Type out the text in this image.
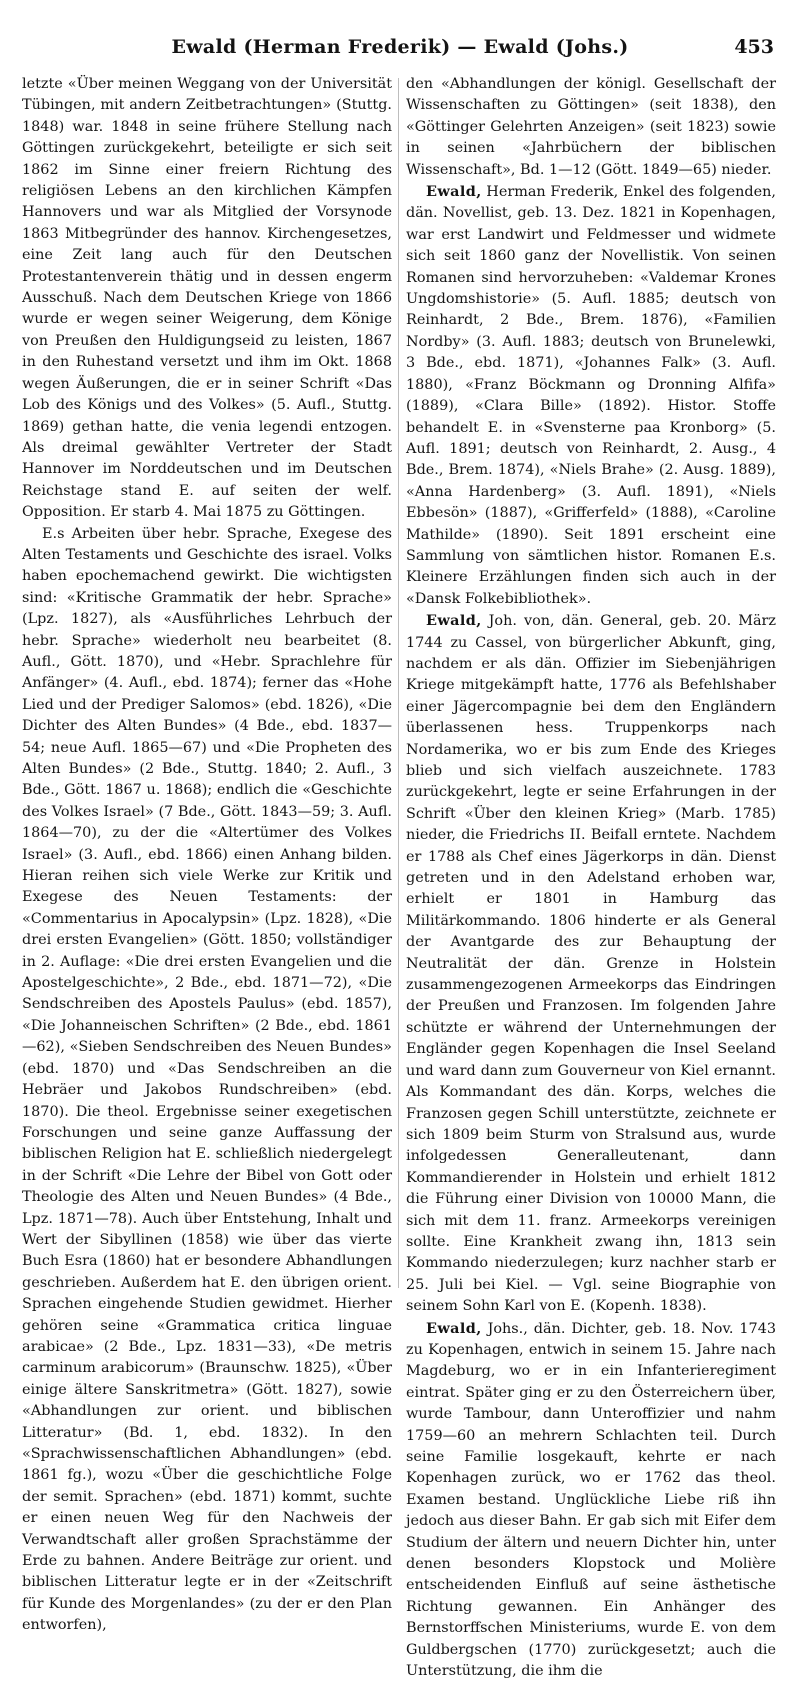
Ewald (Herman Frederik) — Ewald (Johs.)	453

letzte «Über meinen Weggang von der Universität Tübingen, mit andern Zeitbetrachtungen» (Stuttg. 1848) war. 1848 in seine frühere Stellung nach Göttingen zurückgekehrt, beteiligte er sich seit 1862 im Sinne einer freiern Richtung des religiösen Lebens an den kirchlichen Kämpfen Hannovers und war als Mitglied der Vorsynode 1863 Mitbegründer des hannov. Kirchengesetzes, eine Zeit lang auch für den Deutschen Protestantenverein thätig und in dessen engerm Ausschuß. Nach dem Deutschen Kriege von 1866 wurde er wegen seiner Weigerung, dem Könige von Preußen den Huldigungseid zu leisten, 1867 in den Ruhestand versetzt und ihm im Okt. 1868 wegen Äußerungen, die er in seiner Schrift «Das Lob des Königs und des Volkes» (5. Aufl., Stuttg. 1869) gethan hatte, die venia legendi entzogen. Als dreimal gewählter Vertreter der Stadt Hannover im Norddeutschen und im Deutschen Reichstage stand E. auf seiten der welf. Opposition. Er starb 4. Mai 1875 zu Göttingen.

E.s Arbeiten über hebr. Sprache, Exegese des Alten Testaments und Geschichte des israel. Volks haben epochemachend gewirkt. Die wichtigsten sind: «Kritische Grammatik der hebr. Sprache» (Lpz. 1827), als «Ausführliches Lehrbuch der hebr. Sprache» wiederholt neu bearbeitet (8. Aufl., Gött. 1870), und «Hebr. Sprachlehre für Anfänger» (4. Aufl., ebd. 1874); ferner das «Hohe Lied und der Prediger Salomos» (ebd. 1826), «Die Dichter des Alten Bundes» (4 Bde., ebd. 1837—54; neue Aufl. 1865—67) und «Die Propheten des Alten Bundes» (2 Bde., Stuttg. 1840; 2. Aufl., 3 Bde., Gött. 1867 u. 1868); endlich die «Geschichte des Volkes Israel» (7 Bde., Gött. 1843—59; 3. Aufl. 1864—70), zu der die «Altertümer des Volkes Israel» (3. Aufl., ebd. 1866) einen Anhang bilden. Hieran reihen sich viele Werke zur Kritik und Exegese des Neuen Testaments: der «Commentarius in Apocalypsin» (Lpz. 1828), «Die drei ersten Evangelien» (Gött. 1850; vollständiger in 2. Auflage: «Die drei ersten Evangelien und die Apostelgeschichte», 2 Bde., ebd. 1871—72), «Die Sendschreiben des Apostels Paulus» (ebd. 1857), «Die Johanneischen Schriften» (2 Bde., ebd. 1861—62), «Sieben Sendschreiben des Neuen Bundes» (ebd. 1870) und «Das Sendschreiben an die Hebräer und Jakobos Rundschreiben» (ebd. 1870). Die theol. Ergebnisse seiner exegetischen Forschungen und seine ganze Auffassung der biblischen Religion hat E. schließlich niedergelegt in der Schrift «Die Lehre der Bibel von Gott oder Theologie des Alten und Neuen Bundes» (4 Bde., Lpz. 1871—78). Auch über Entstehung, Inhalt und Wert der Sibyllinen (1858) wie über das vierte Buch Esra (1860) hat er besondere Abhandlungen geschrieben. Außerdem hat E. den übrigen orient. Sprachen eingehende Studien gewidmet. Hierher gehören seine «Grammatica critica linguae arabicae» (2 Bde., Lpz. 1831—33), «De metris carminum arabicorum» (Braunschw. 1825), «Über einige ältere Sanskritmetra» (Gött. 1827), sowie «Abhandlungen zur orient. und biblischen Litteratur» (Bd. 1, ebd. 1832). In den «Sprachwissenschaftlichen Abhandlungen» (ebd. 1861 fg.), wozu «Über die geschichtliche Folge der semit. Sprachen» (ebd. 1871) kommt, suchte er einen neuen Weg für den Nachweis der Verwandtschaft aller großen Sprachstämme der Erde zu bahnen. Andere Beiträge zur orient. und biblischen Litteratur legte er in der «Zeitschrift für Kunde des Morgenlandes» (zu der er den Plan entworfen),

den «Abhandlungen der königl. Gesellschaft der Wissenschaften zu Göttingen» (seit 1838), den «Göttinger Gelehrten Anzeigen» (seit 1823) sowie in seinen «Jahrbüchern der biblischen Wissenschaft», Bd. 1—12 (Gött. 1849—65) nieder.

Ewald, Herman Frederik, Enkel des folgenden, dän. Novellist, geb. 13. Dez. 1821 in Kopenhagen, war erst Landwirt und Feldmesser und widmete sich seit 1860 ganz der Novellistik. Von seinen Romanen sind hervorzuheben: «Valdemar Krones Ungdomshistorie» (5. Aufl. 1885; deutsch von Reinhardt, 2 Bde., Brem. 1876), «Familien Nordby» (3. Aufl. 1883; deutsch von Brunelewki, 3 Bde., ebd. 1871), «Johannes Falk» (3. Aufl. 1880), «Franz Böckmann og Dronning Alfifa» (1889), «Clara Bille» (1892). Histor. Stoffe behandelt E. in «Svensterne paa Kronborg» (5. Aufl. 1891; deutsch von Reinhardt, 2. Ausg., 4 Bde., Brem. 1874), «Niels Brahe» (2. Ausg. 1889), «Anna Hardenberg» (3. Aufl. 1891), «Niels Ebbesön» (1887), «Grifferfeld» (1888), «Caroline Mathilde» (1890). Seit 1891 erscheint eine Sammlung von sämtlichen histor. Romanen E.s. Kleinere Erzählungen finden sich auch in der «Dansk Folkebibliothek».

Ewald, Joh. von, dän. General, geb. 20. März 1744 zu Cassel, von bürgerlicher Abkunft, ging, nachdem er als dän. Offizier im Siebenjährigen Kriege mitgekämpft hatte, 1776 als Befehlshaber einer Jägercompagnie bei dem den Engländern überlassenen hess. Truppenkorps nach Nordamerika, wo er bis zum Ende des Krieges blieb und sich vielfach auszeichnete. 1783 zurückgekehrt, legte er seine Erfahrungen in der Schrift «Über den kleinen Krieg» (Marb. 1785) nieder, die Friedrichs II. Beifall erntete. Nachdem er 1788 als Chef eines Jägerkorps in dän. Dienst getreten und in den Adelstand erhoben war, erhielt er 1801 in Hamburg das Militärkommando. 1806 hinderte er als General der Avantgarde des zur Behauptung der Neutralität der dän. Grenze in Holstein zusammengezogenen Armeekorps das Eindringen der Preußen und Franzosen. Im folgenden Jahre schützte er während der Unternehmungen der Engländer gegen Kopenhagen die Insel Seeland und ward dann zum Gouverneur von Kiel ernannt. Als Kommandant des dän. Korps, welches die Franzosen gegen Schill unterstützte, zeichnete er sich 1809 beim Sturm von Stralsund aus, wurde infolgedessen Generalleutenant, dann Kommandierender in Holstein und erhielt 1812 die Führung einer Division von 10000 Mann, die sich mit dem 11. franz. Armeekorps vereinigen sollte. Eine Krankheit zwang ihn, 1813 sein Kommando niederzulegen; kurz nachher starb er 25. Juli bei Kiel. — Vgl. seine Biographie von seinem Sohn Karl von E. (Kopenh. 1838).

Ewald, Johs., dän. Dichter, geb. 18. Nov. 1743 zu Kopenhagen, entwich in seinem 15. Jahre nach Magdeburg, wo er in ein Infanterieregiment eintrat. Später ging er zu den Österreichern über, wurde Tambour, dann Unteroffizier und nahm 1759—60 an mehrern Schlachten teil. Durch seine Familie losgekauft, kehrte er nach Kopenhagen zurück, wo er 1762 das theol. Examen bestand. Unglückliche Liebe riß ihn jedoch aus dieser Bahn. Er gab sich mit Eifer dem Studium der ältern und neuern Dichter hin, unter denen besonders Klopstock und Molière entscheidenden Einfluß auf seine ästhetische Richtung gewannen. Ein Anhänger des Bernstorffschen Ministeriums, wurde E. von dem Guldbergschen (1770) zurückgesetzt; auch die Unterstützung, die ihm die
